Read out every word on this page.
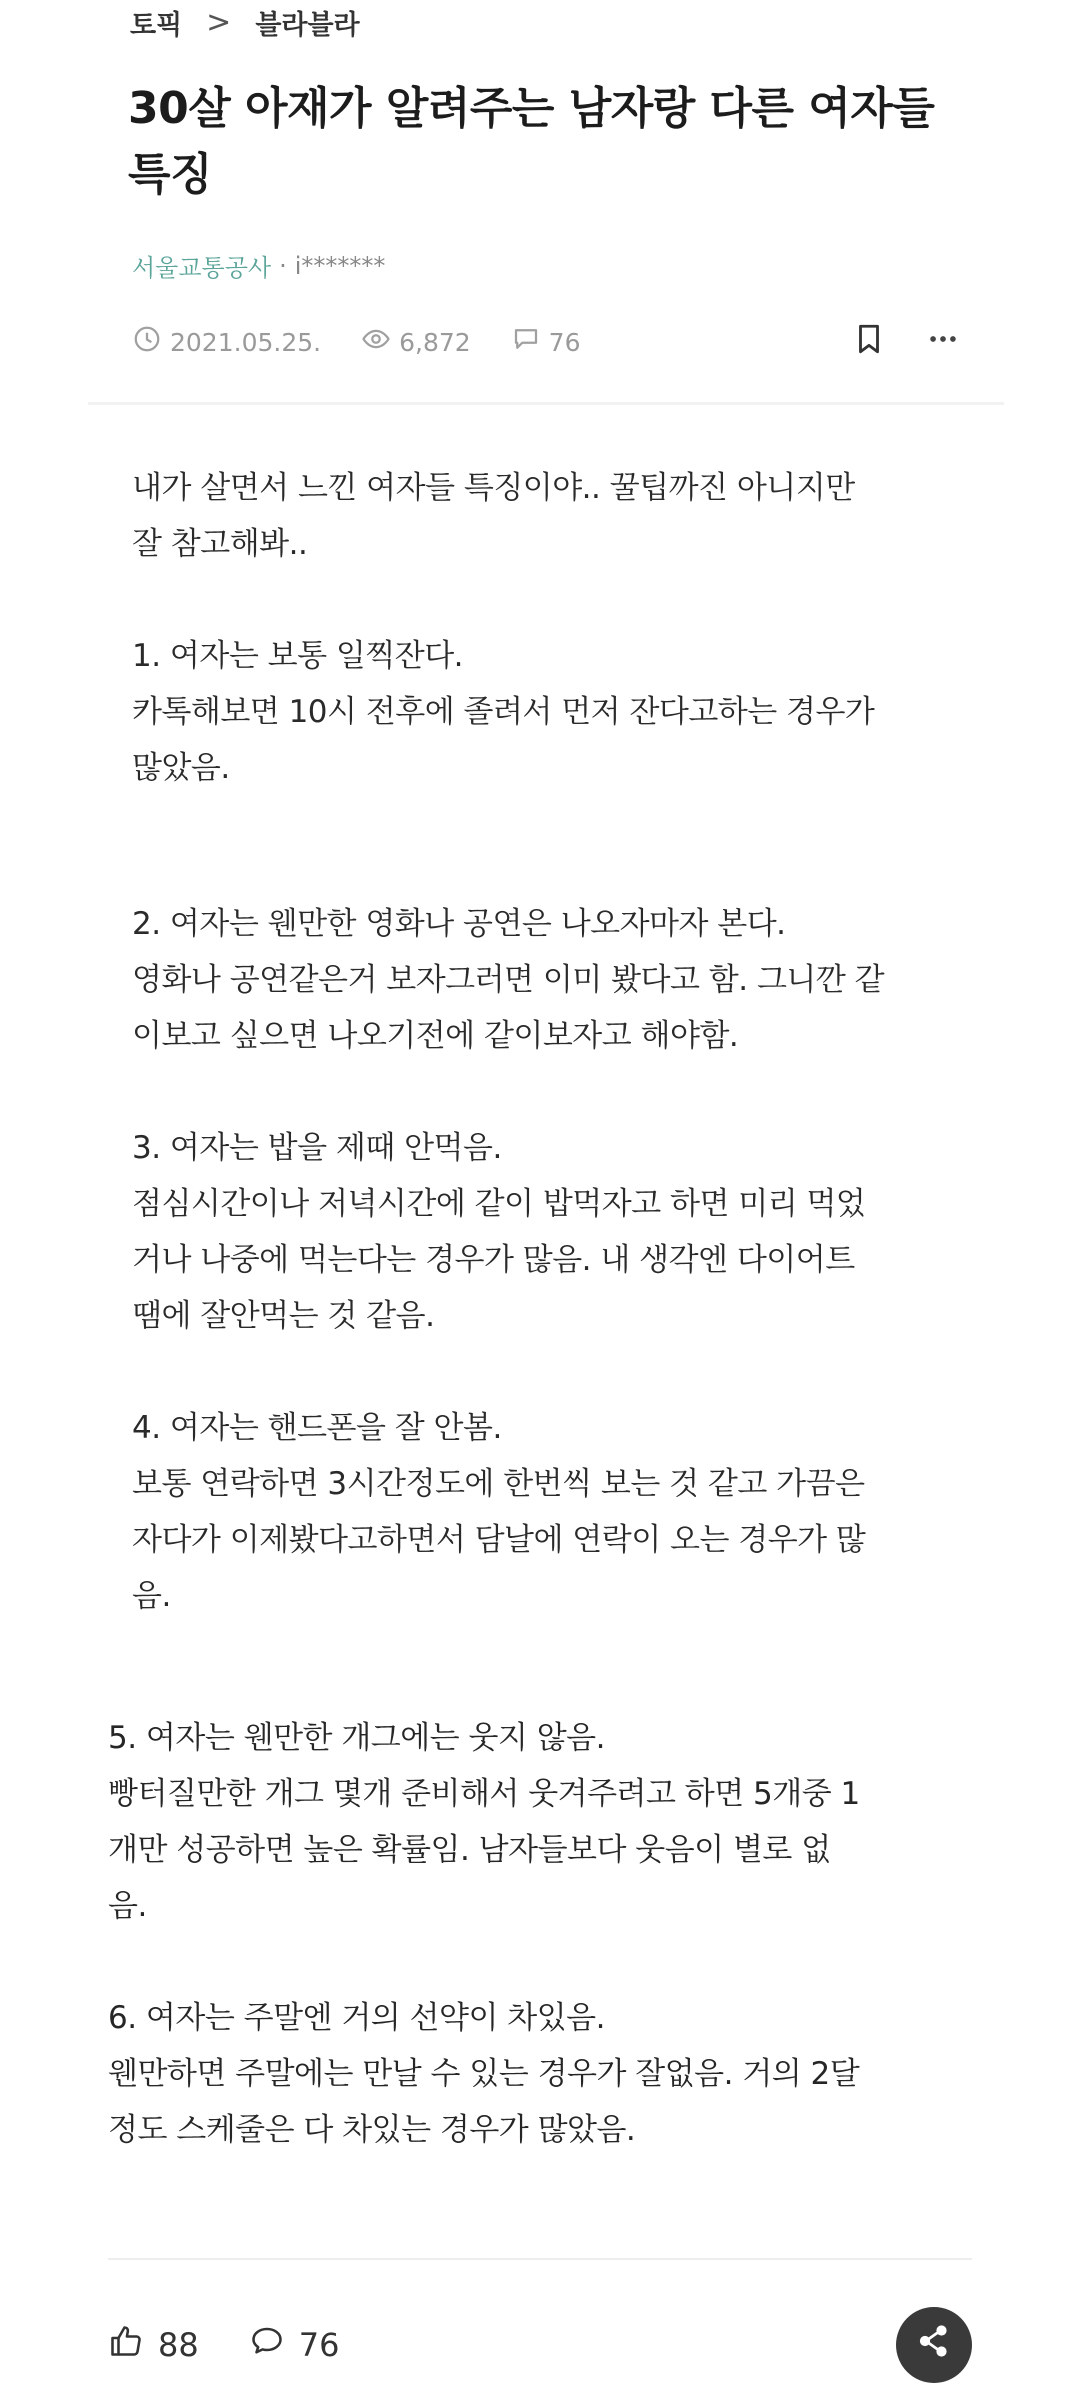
토픽 > 블라블라
30살 아재가 알려주는 남자랑 다른 여자들 특징
서울교통공사 · i*******
2021.05.25.	6,872	76

내가 살면서 느낀 여자들 특징이야.. 꿀팁까진 아니지만

잘 참고해봐..

1. 여자는 보통 일찍잔다.

카톡해보면 10시 전후에 졸려서 먼저 잔다고하는 경우가

많았음.

2. 여자는 웬만한 영화나 공연은 나오자마자 본다.

영화나 공연같은거 보자그러면 이미 봤다고 함. 그니깐 같

이보고 싶으면 나오기전에 같이보자고 해야함.

3. 여자는 밥을 제때 안먹음.

점심시간이나 저녁시간에 같이 밥먹자고 하면 미리 먹었

거나 나중에 먹는다는 경우가 많음. 내 생각엔 다이어트

땜에 잘안먹는 것 같음.

4. 여자는 핸드폰을 잘 안봄.

보통 연락하면 3시간정도에 한번씩 보는 것 같고 가끔은

자다가 이제봤다고하면서 담날에 연락이 오는 경우가 많

음.

5. 여자는 웬만한 개그에는 웃지 않음.

빵터질만한 개그 몇개 준비해서 웃겨주려고 하면 5개중 1

개만 성공하면 높은 확률임. 남자들보다 웃음이 별로 없

음.

6. 여자는 주말엔 거의 선약이 차있음.

웬만하면 주말에는 만날 수 있는 경우가 잘없음. 거의 2달

정도 스케줄은 다 차있는 경우가 많았음.

88	76
